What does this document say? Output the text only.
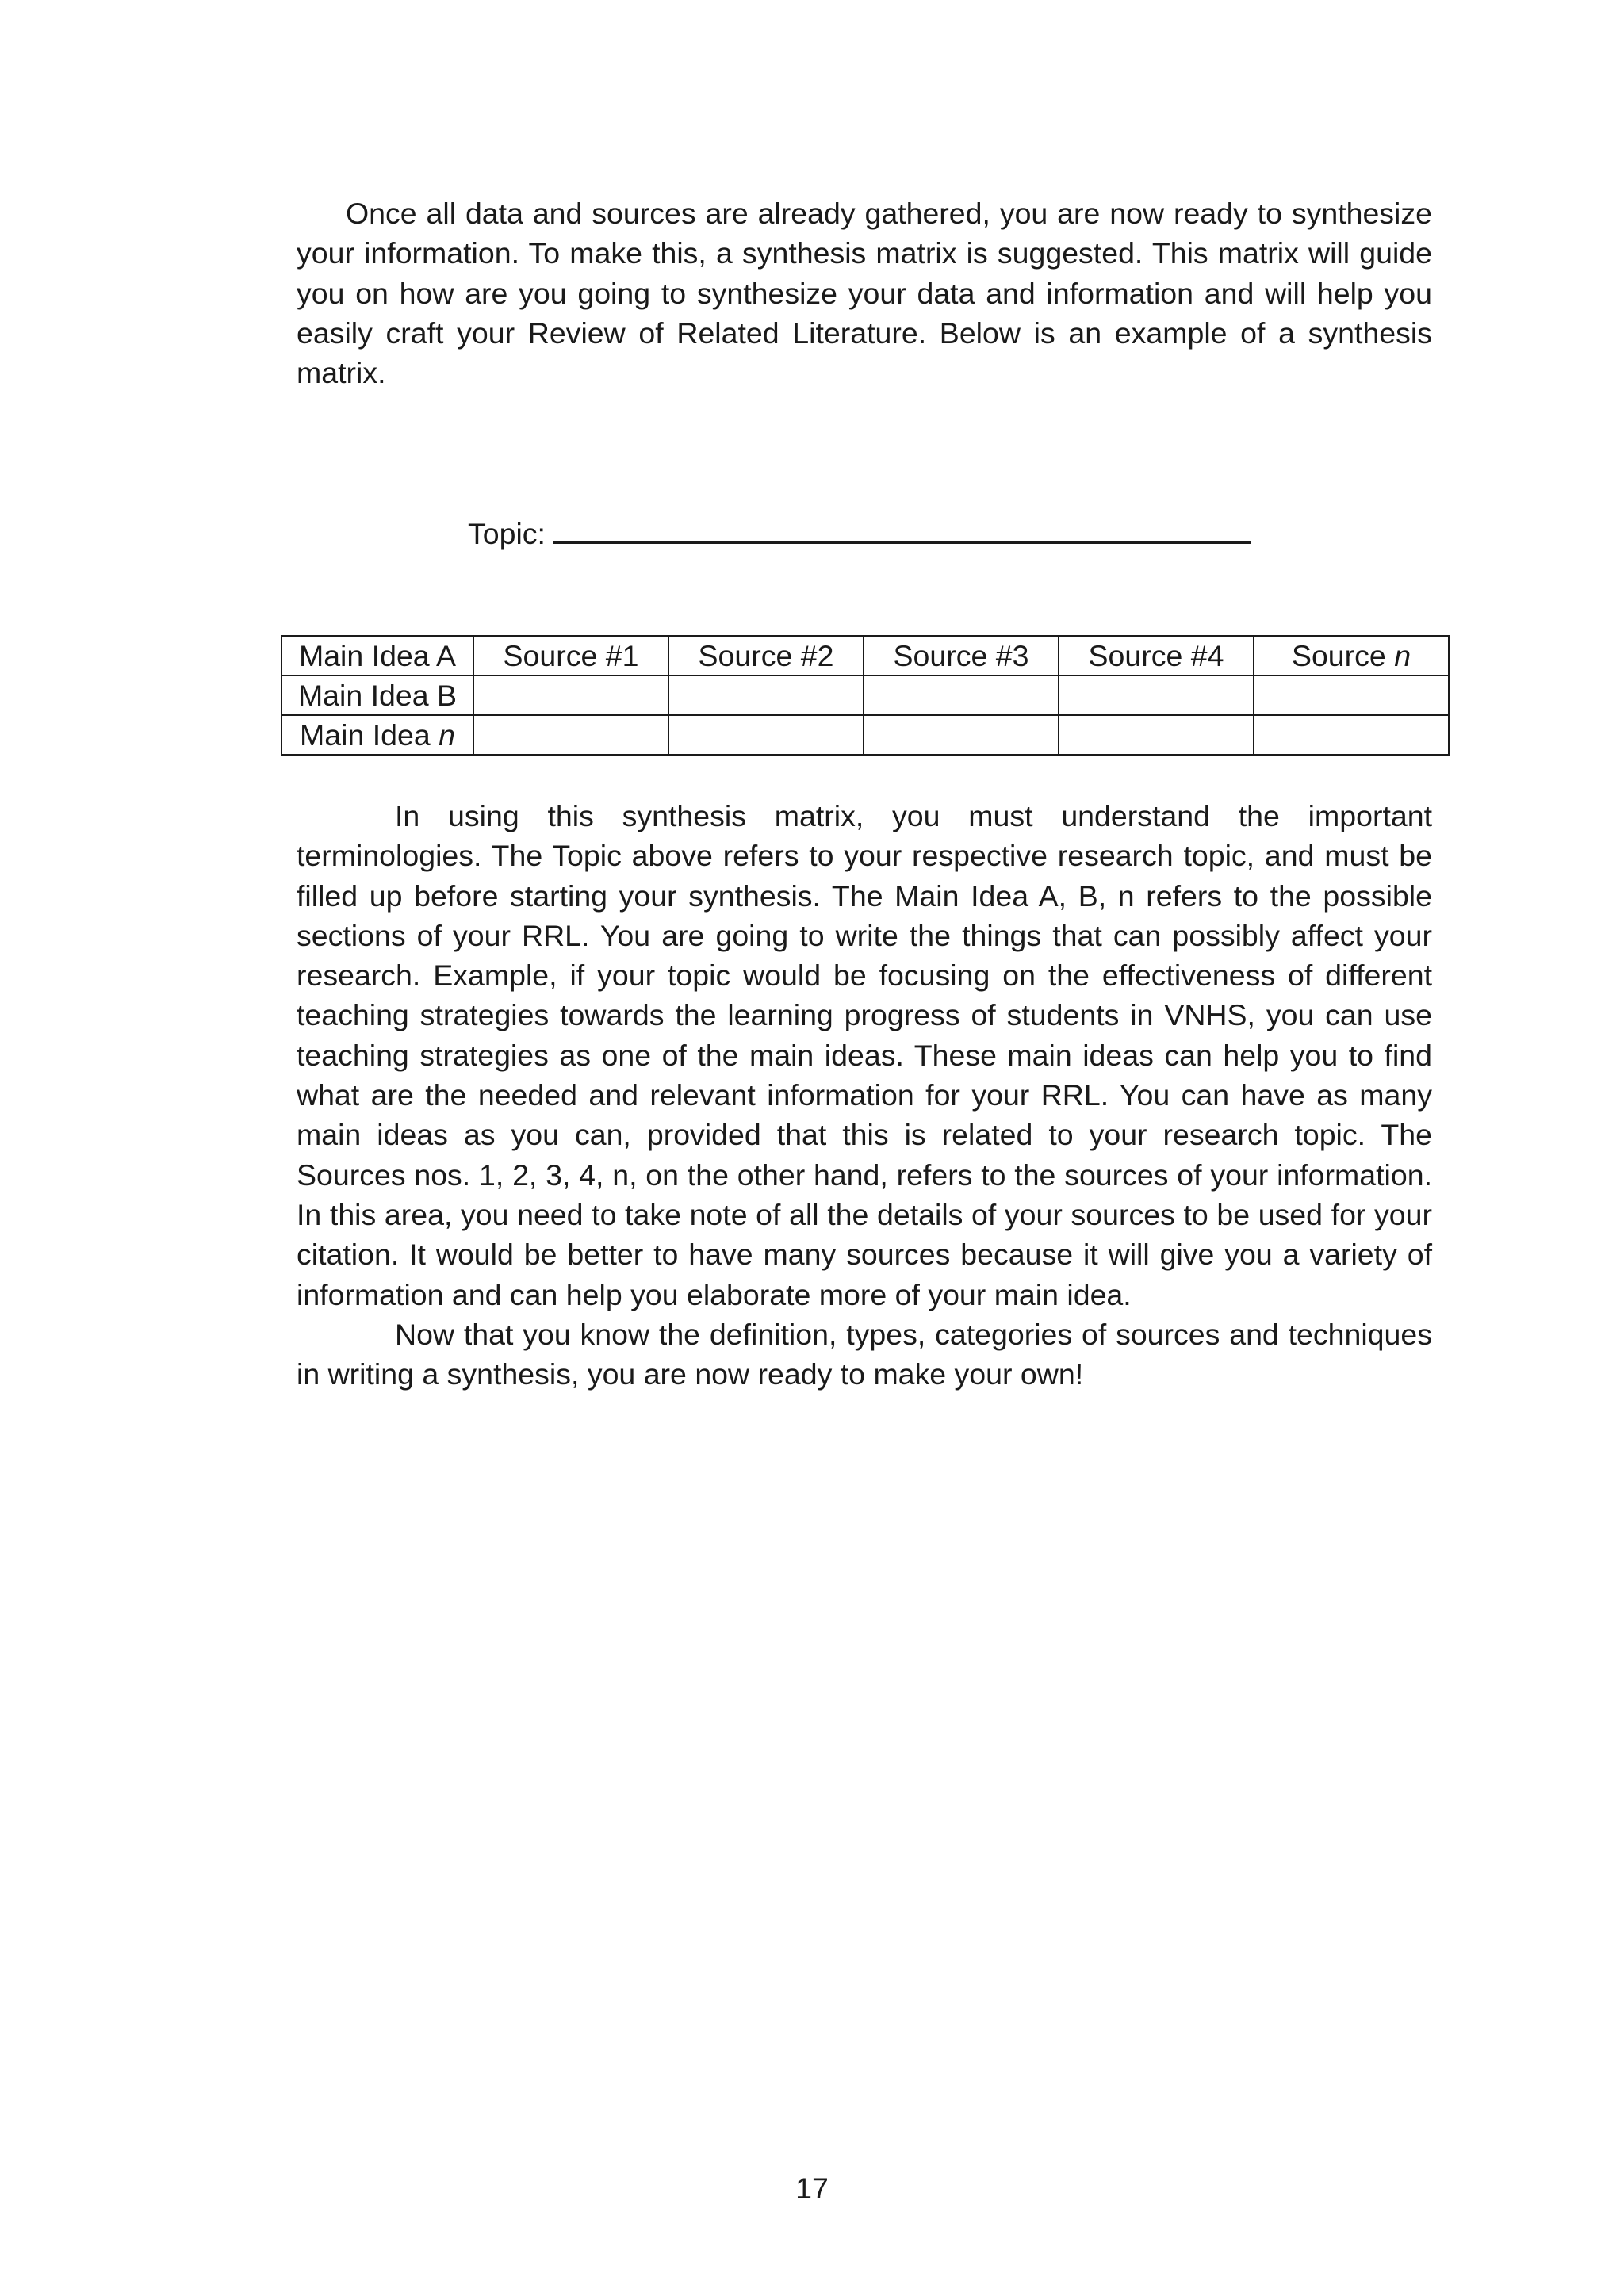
Once all data and sources are already gathered, you are now ready to synthesize your information. To make this, a synthesis matrix is suggested. This matrix will guide you on how are you going to synthesize your data and information and will help you easily craft your Review of Related Literature. Below is an example of a synthesis matrix.

Topic:
Main Idea A	Source #1	Source #2	Source #3	Source #4	Source n
Main Idea B					
Main Idea n					

In using this synthesis matrix, you must understand the important terminologies. The Topic above refers to your respective research topic, and must be filled up before starting your synthesis. The Main Idea A, B, n refers to the possible sections of your RRL. You are going to write the things that can possibly affect your research. Example, if your topic would be focusing on the effectiveness of different teaching strategies towards the learning progress of students in VNHS, you can use teaching strategies as one of the main ideas. These main ideas can help you to find what are the needed and relevant information for your RRL. You can have as many main ideas as you can, provided that this is related to your research topic. The Sources nos. 1, 2, 3, 4, n, on the other hand, refers to the sources of your information. In this area, you need to take note of all the details of your sources to be used for your citation. It would be better to have many sources because it will give you a variety of information and can help you elaborate more of your main idea.

Now that you know the definition, types, categories of sources and techniques in writing a synthesis, you are now ready to make your own!

17
